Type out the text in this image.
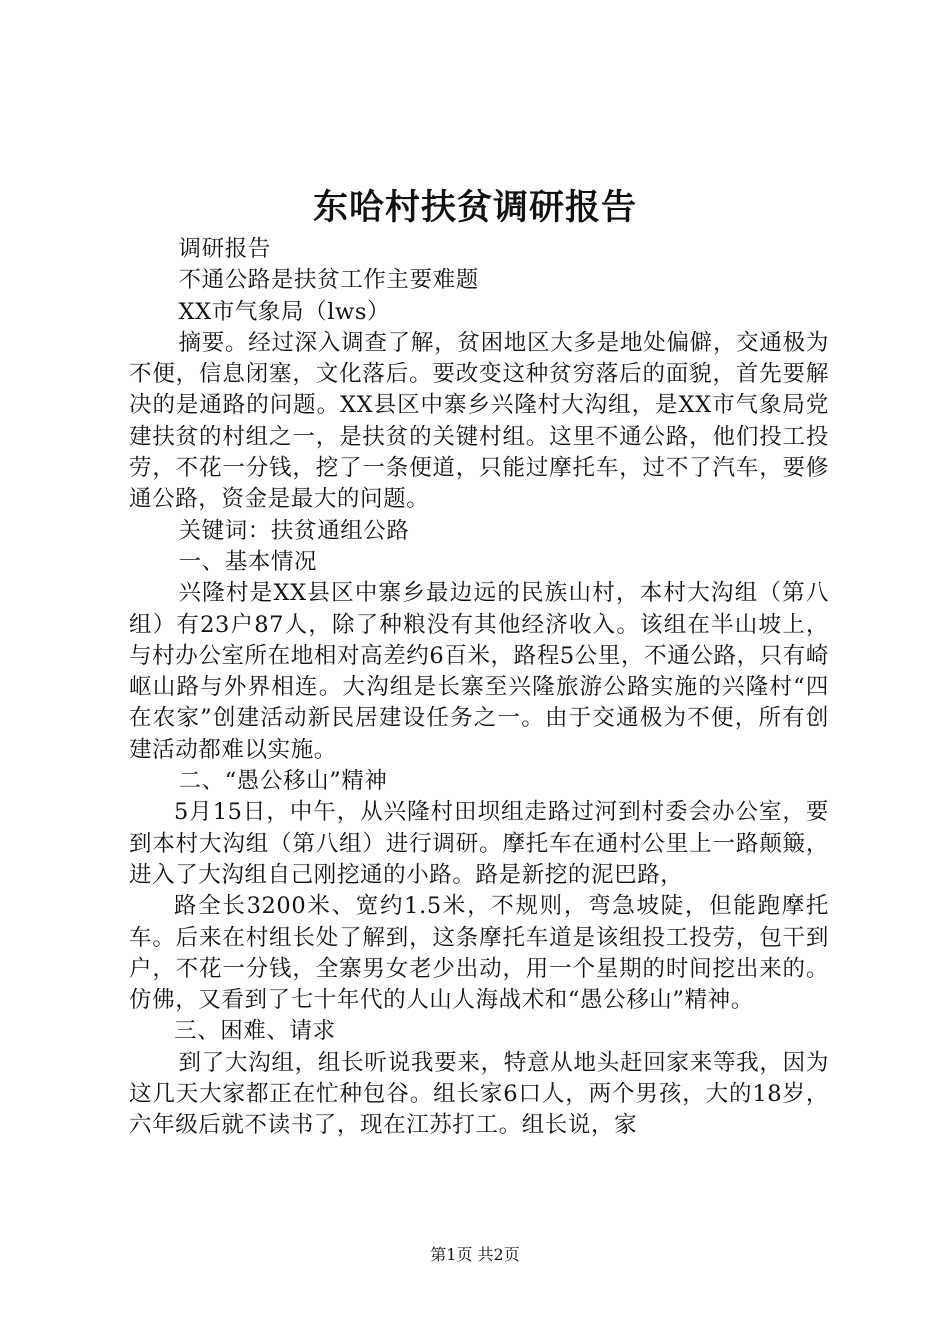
东哈村扶贫调研报告

调研报告

不通公路是扶贫工作主要难题

XX市气象局（lws）

摘要。经过深入调查了解，贫困地区大多是地处偏僻，交通极为不便，信息闭塞，文化落后。要改变这种贫穷落后的面貌，首先要解决的是通路的问题。XX县区中寨乡兴隆村大沟组，是XX市气象局党建扶贫的村组之一，是扶贫的关键村组。这里不通公路，他们投工投劳，不花一分钱，挖了一条便道，只能过摩托车，过不了汽车，要修通公路，资金是最大的问题。

关键词：扶贫通组公路

一、基本情况

兴隆村是XX县区中寨乡最边远的民族山村，本村大沟组（第八组）有23户87人，除了种粮没有其他经济收入。该组在半山坡上，与村办公室所在地相对高差约6百米，路程5公里，不通公路，只有崎岖山路与外界相连。大沟组是长寨至兴隆旅游公路实施的兴隆村“四在农家”创建活动新民居建设任务之一。由于交通极为不便，所有创建活动都难以实施。

二、“愚公移山”精神

5月15日，中午，从兴隆村田坝组走路过河到村委会办公室，要到本村大沟组（第八组）进行调研。摩托车在通村公里上一路颠簸，进入了大沟组自己刚挖通的小路。路是新挖的泥巴路，

路全长3200米、宽约1.5米，不规则，弯急坡陡，但能跑摩托车。后来在村组长处了解到，这条摩托车道是该组投工投劳，包干到户，不花一分钱，全寨男女老少出动，用一个星期的时间挖出来的。仿佛，又看到了七十年代的人山人海战术和“愚公移山”精神。

三、困难、请求

到了大沟组，组长听说我要来，特意从地头赶回家来等我，因为这几天大家都正在忙种包谷。组长家6口人，两个男孩，大的18岁，六年级后就不读书了，现在江苏打工。组长说，家

第1页 共2页
